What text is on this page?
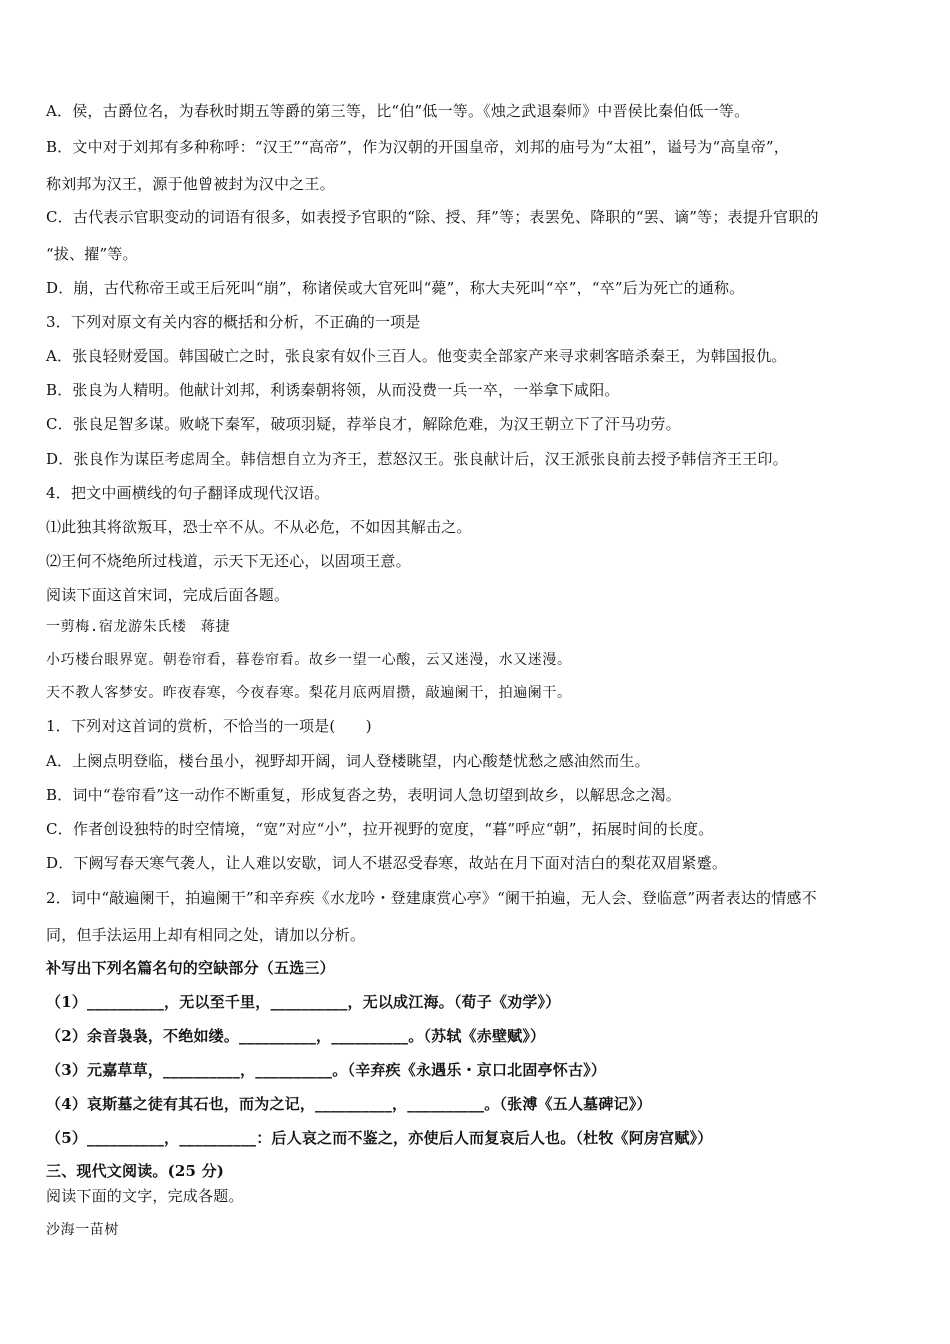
A．侯，古爵位名，为春秋时期五等爵的第三等，比“伯”低一等。《烛之武退秦师》中晋侯比秦伯低一等。
B．文中对于刘邦有多种称呼：“汉王”“高帝”，作为汉朝的开国皇帝，刘邦的庙号为“太祖”，谥号为“高皇帝”，
称刘邦为汉王，源于他曾被封为汉中之王。
C．古代表示官职变动的词语有很多，如表授予官职的“除、授、拜”等；表罢免、降职的“罢、谪”等；表提升官职的
“拔、擢”等。
D．崩，古代称帝王或王后死叫“崩”，称诸侯或大官死叫“薨”，称大夫死叫“卒”，“卒”后为死亡的通称。
3．下列对原文有关内容的概括和分析，不正确的一项是
A．张良轻财爱国。韩国破亡之时，张良家有奴仆三百人。他变卖全部家产来寻求刺客暗杀秦王，为韩国报仇。
B．张良为人精明。他献计刘邦，利诱秦朝将领，从而没费一兵一卒，一举拿下咸阳。
C．张良足智多谋。败峣下秦军，破项羽疑，荐举良才，解除危难，为汉王朝立下了汗马功劳。
D．张良作为谋臣考虑周全。韩信想自立为齐王，惹怒汉王。张良献计后，汉王派张良前去授予韩信齐王王印。
4．把文中画横线的句子翻译成现代汉语。
⑴此独其将欲叛耳，恐士卒不从。不从必危，不如因其解击之。
⑵王何不烧绝所过栈道，示天下无还心，以固项王意。
阅读下面这首宋词，完成后面各题。
一剪梅.宿龙游朱氏楼　蒋捷
小巧楼台眼界宽。朝卷帘看，暮卷帘看。故乡一望一心酸，云又迷漫，水又迷漫。
天不教人客梦安。昨夜春寒，今夜春寒。梨花月底两眉攒，敲遍阑干，拍遍阑干。
1．下列对这首词的赏析，不恰当的一项是(　　)
A．上阕点明登临，楼台虽小，视野却开阔，词人登楼眺望，内心酸楚忧愁之感油然而生。
B．词中“卷帘看”这一动作不断重复，形成复沓之势，表明词人急切望到故乡，以解思念之渴。
C．作者创设独特的时空情境，“宽”对应“小”，拉开视野的宽度，“暮”呼应“朝”，拓展时间的长度。
D．下阙写春天寒气袭人，让人难以安歇，词人不堪忍受春寒，故站在月下面对洁白的梨花双眉紧蹙。
2．词中“敲遍阑干，拍遍阑干”和辛弃疾《水龙吟・登建康赏心亭》“阑干拍遍，无人会、登临意”两者表达的情感不
同，但手法运用上却有相同之处，请加以分析。
补写出下列名篇名句的空缺部分（五选三）
（1）__________，无以至千里，__________，无以成江海。（荀子《劝学》）
（2）余音袅袅，不绝如缕。__________，__________。（苏轼《赤壁赋》）
（3）元嘉草草，__________，__________。（辛弃疾《永遇乐・京口北固亭怀古》）
（4）哀斯墓之徒有其石也，而为之记，__________，__________。（张溥《五人墓碑记》）
（5）__________，__________：后人哀之而不鉴之，亦使后人而复哀后人也。（杜牧《阿房宫赋》）
三、现代文阅读。(25 分)
阅读下面的文字，完成各题。
沙海一苗树
